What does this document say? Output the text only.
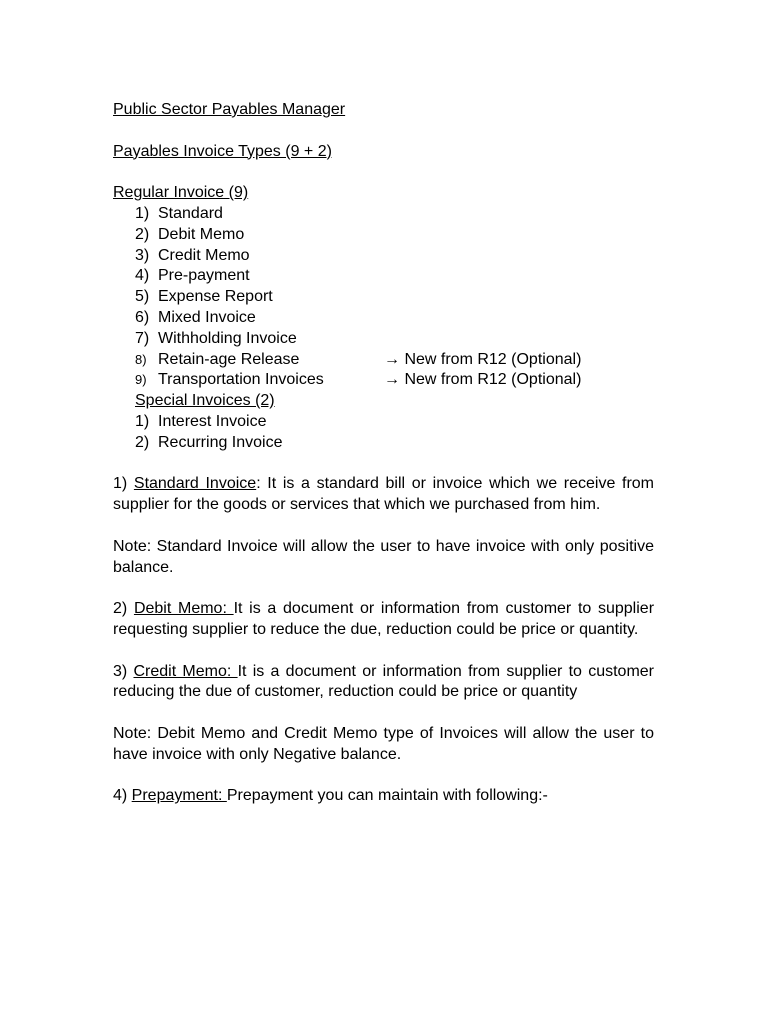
Public Sector Payables Manager
Payables Invoice Types (9 + 2)
Regular Invoice (9)
1) Standard
2) Debit Memo
3) Credit Memo
4) Pre-payment
5) Expense Report
6) Mixed Invoice
7) Withholding Invoice
8) Retain-age Release	→ New from R12 (Optional)
9) Transportation Invoices	→ New from R12 (Optional)
Special Invoices (2)
1) Interest Invoice
2) Recurring Invoice
1) Standard Invoice: It is a standard bill or invoice which we receive from supplier for the goods or services that which we purchased from him.
Note: Standard Invoice will allow the user to have invoice with only positive balance.
2) Debit Memo: It is a document or information from customer to supplier requesting supplier to reduce the due, reduction could be price or quantity.
3) Credit Memo: It is a document or information from supplier to customer reducing the due of customer, reduction could be price or quantity
Note: Debit Memo and Credit Memo type of Invoices will allow the user to have invoice with only Negative balance.
4) Prepayment: Prepayment you can maintain with following:-
